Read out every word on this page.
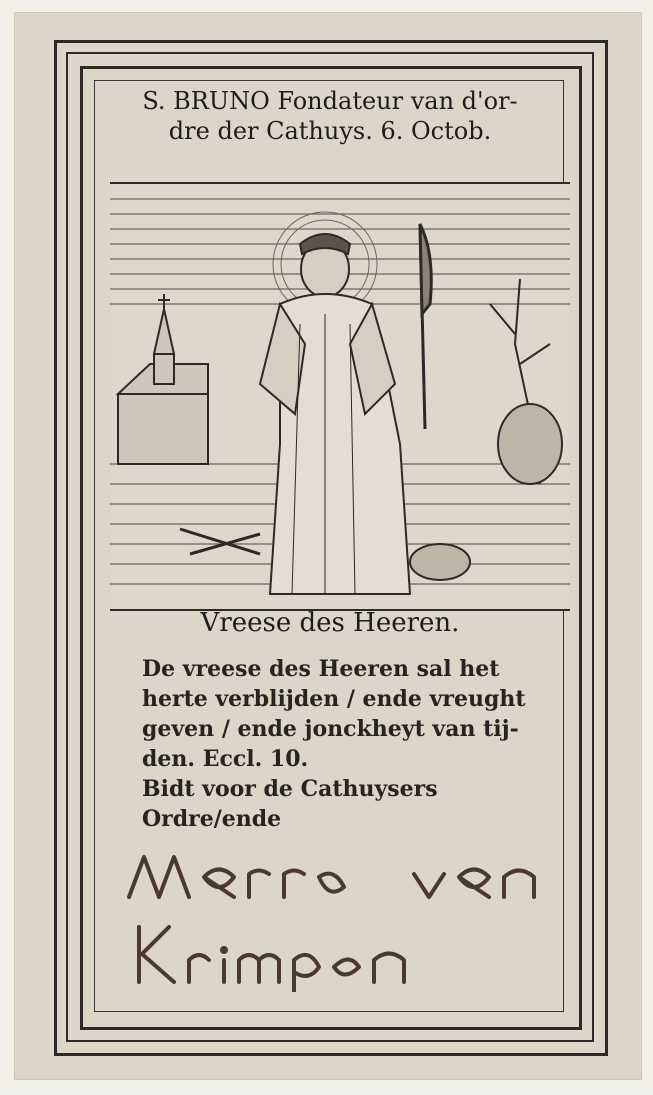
S. BRUNO Fondateur van d'or-
dre der Cathuys. 6. Octob.
Vreese des Heeren.
De vreese des Heeren sal het
herte verblijden / ende vreught
geven / ende jonckheyt van tij-
den. Eccl. 10.
Bidt voor de Cathuysers
Ordre/ende
